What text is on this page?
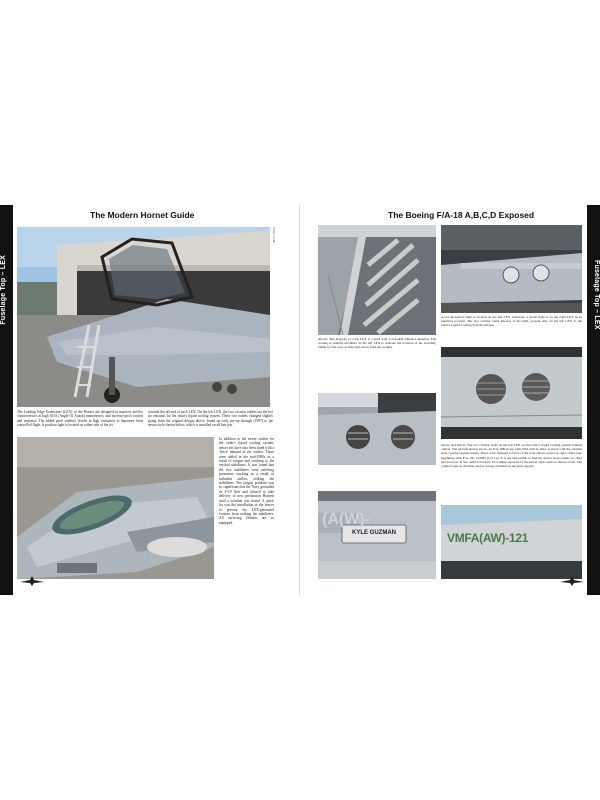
Fuselage Top – LEX
The Modern Hornet Guide
Photo credit
The Leading Edge Extensions (LEX) of the Hornet are designed to improve airflow characteristics at high AOA (Angle Of Attack) manoeuvres, and increase pitch control and response. The added pitch stability results in high resistance to departure from controlled flight. A position light is located on either side of the jet.
towards the aft end of each LEX. On the left LEX, the two circular outlets are the hot air exhausts for the radar's liquid cooling system. These two outlets changed slightly going from the original design, above, found on early pre-up through (1997) to the newer style shown below, which is installed on all late jets.
In addition to the newer outlets for the radar's liquid cooling system, newer jets have also been fitted with a 'fence' inboard of the outlets. These were added in the mid-1980s as a result of fatigue and cracking to the vertical stabilizers. It was found that the two stabilizers were suffering premature cracking as a result of turbulent airflow striking the stabilizers. The fatigue problem was so significant that the Navy grounded its F-18 fleet and refused to take delivery of new production Hornets until a solution was found. A quick fix was the installation of the fences to prevent the LEX-generated vortices from striking the stabilizers. All surviving Hornets are so equipped.
Fuselage Top – LEX
The Boeing F/A-18 A,B,C,D Exposed
Above: The majority of each LEX is coated with a non-skid adhesive material. The coating is suitably modified on the left LEX to indicate the location of the boarding ladder for the crew as they step down from the cockpit.
A red navigation light is located on the left LEX. Likewise, a green light is on the right LEX in an identical location. The two circular vents inboard of the light, present only on the left LEX, is the radar's Liquid Cooling System exhaust.
Above and below: The two circular vents on the left LEX are the radar's liquid cooling system exhaust outlets. The aircraft shown above, an F/A-18B in use with VFA-106 in 2012, is fitted with the original style cooling system outlets. These were changed to favor of the style shown at the top right of the page beginning with F/A-18C 163985 (Lot 12). It is not impossible to find the newer style outlets on older jets however. If one outlet is broken, it is simply replaced by the newer style, such as shown at left. The original style is obsolete, and no longer available in the parts supply.
(A(W)-
KYLE GUZMAN	VMFA(AW)-121
